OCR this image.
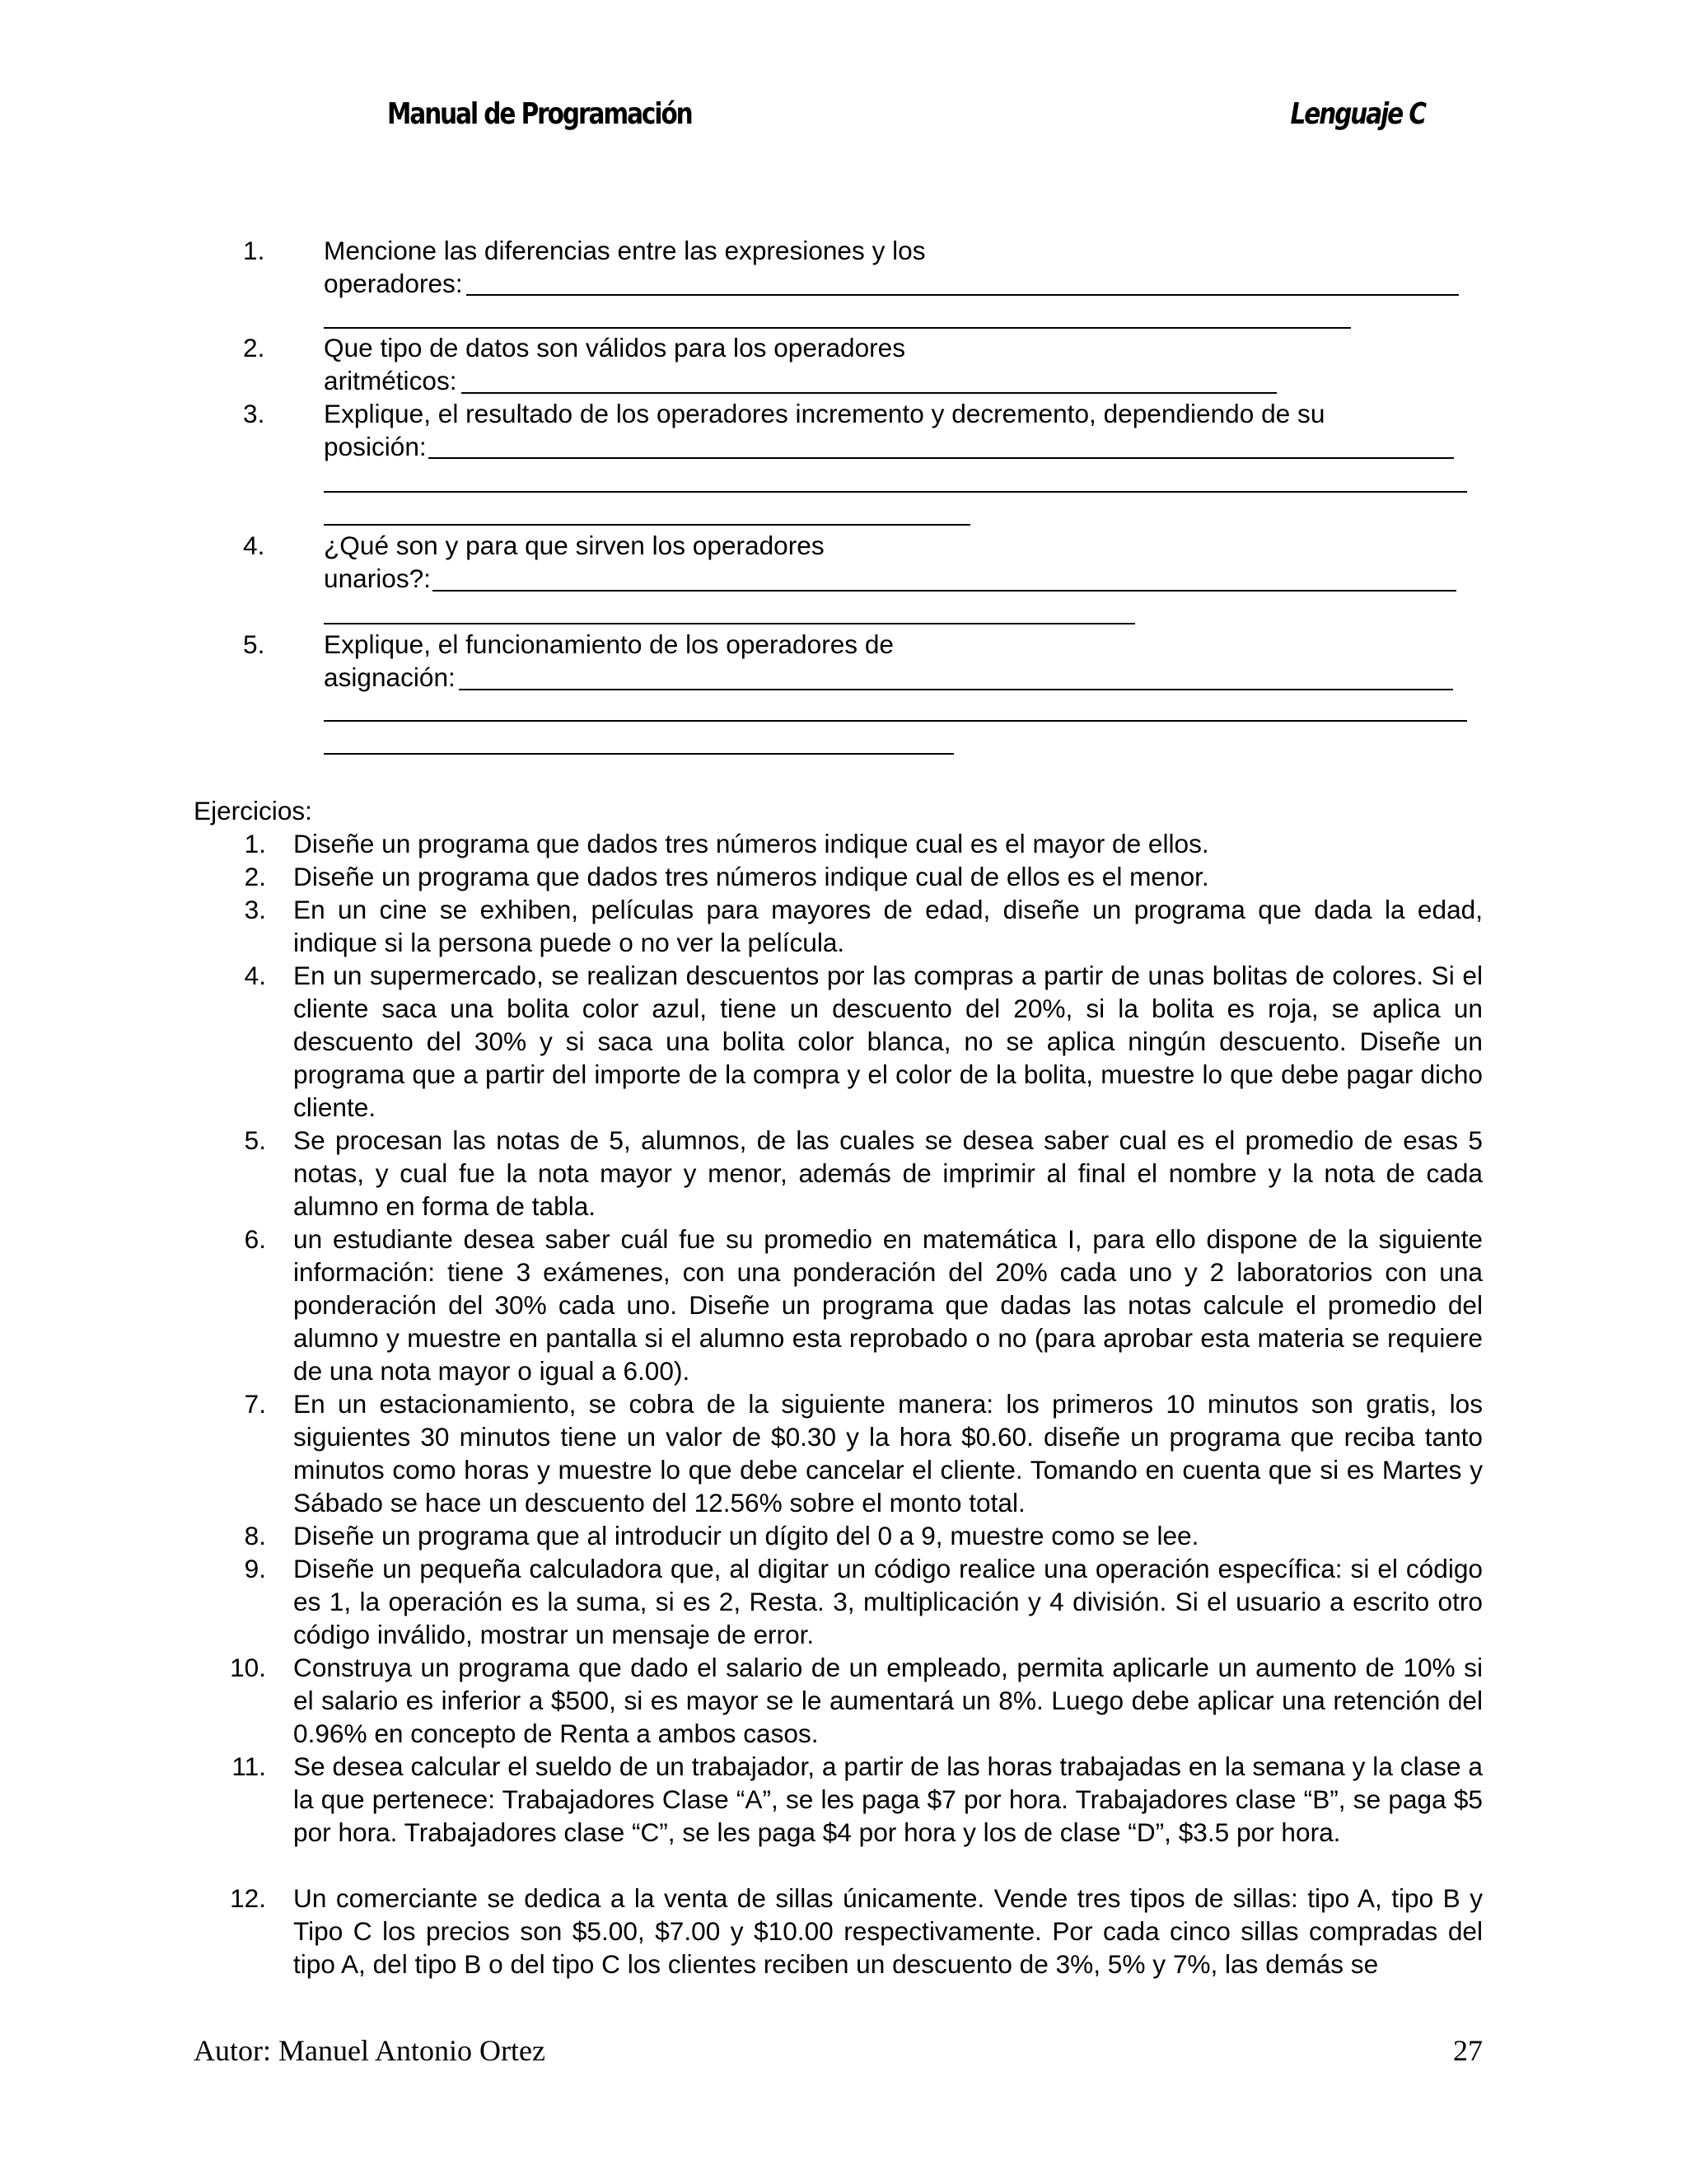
Manual de Programación	Lenguaje C
1. Mencione las diferencias entre las expresiones y los
operadores:
2. Que tipo de datos son válidos para los operadores
aritméticos:
3. Explique, el resultado de los operadores incremento y decremento, dependiendo de su
posición:
4. ¿Qué son y para que sirven los operadores
unarios?:
5. Explique, el funcionamiento de los operadores de
asignación:
Ejercicios:
1. Diseñe un programa que dados tres números indique cual es el mayor de ellos.
2. Diseñe un programa que dados tres números indique cual de ellos es el menor.
3. En un cine se exhiben, películas para mayores de edad, diseñe un programa que dada la edad, indique si la persona puede o no ver la película.
4. En un supermercado, se realizan descuentos por las compras a partir de unas bolitas de colores. Si el cliente saca una bolita color azul, tiene un descuento del 20%, si la bolita es roja, se aplica un descuento del 30% y si saca una bolita color blanca, no se aplica ningún descuento. Diseñe un programa que a partir del importe de la compra y el color de la bolita, muestre lo que debe pagar dicho cliente.
5. Se procesan las notas de 5, alumnos, de las cuales se desea saber cual es el promedio de esas 5 notas, y cual fue la nota mayor y menor, además de imprimir al final el nombre y la nota de cada alumno en forma de tabla.
6. un estudiante desea saber cuál fue su promedio en matemática I, para ello dispone de la siguiente información: tiene 3 exámenes, con una ponderación del 20% cada uno y 2 laboratorios con una ponderación del 30% cada uno. Diseñe un programa que dadas las notas calcule el promedio del alumno y muestre en pantalla si el alumno esta reprobado o no (para aprobar esta materia se requiere de una nota mayor o igual a 6.00).
7. En un estacionamiento, se cobra de la siguiente manera: los primeros 10 minutos son gratis, los siguientes 30 minutos tiene un valor de $0.30 y la hora $0.60. diseñe un programa que reciba tanto minutos como horas y muestre lo que debe cancelar el cliente. Tomando en cuenta que si es Martes y Sábado se hace un descuento del 12.56% sobre el monto total.
8. Diseñe un programa que al introducir un dígito del 0 a 9, muestre como se lee.
9. Diseñe un pequeña calculadora que, al digitar un código realice una operación específica: si el código es 1, la operación es la suma, si es 2, Resta. 3, multiplicación y 4 división. Si el usuario a escrito otro código inválido, mostrar un mensaje de error.
10. Construya un programa que dado el salario de un empleado, permita aplicarle un aumento de 10% si el salario es inferior a $500, si es mayor se le aumentará un 8%. Luego debe aplicar una retención del 0.96% en concepto de Renta a ambos casos.
11. Se desea calcular el sueldo de un trabajador, a partir de las horas trabajadas en la semana y la clase a la que pertenece: Trabajadores Clase “A”, se les paga $7 por hora. Trabajadores clase “B”, se paga $5 por hora. Trabajadores clase “C”, se les paga $4 por hora y los de clase “D”, $3.5 por hora.
12. Un comerciante se dedica a la venta de sillas únicamente. Vende tres tipos de sillas: tipo A, tipo B y Tipo C los precios son $5.00, $7.00 y $10.00 respectivamente. Por cada cinco sillas compradas del tipo A, del tipo B o del tipo C los clientes reciben un descuento de 3%, 5% y 7%, las demás se
Autor: Manuel Antonio Ortez	27
